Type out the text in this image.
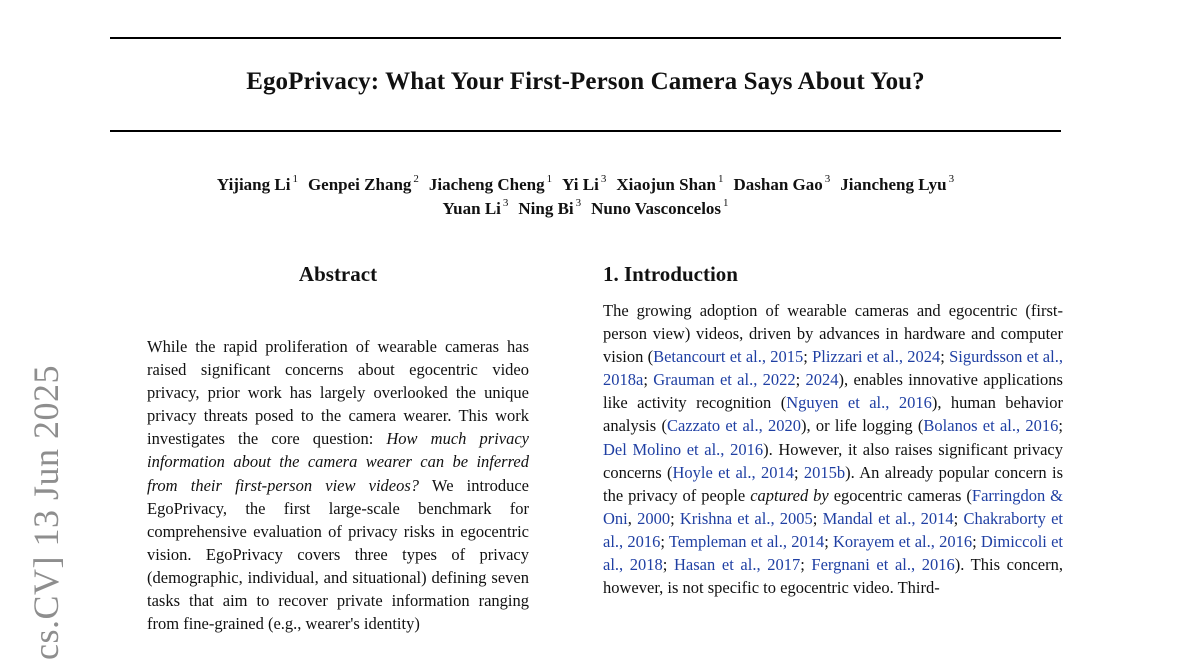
EgoPrivacy: What Your First-Person Camera Says About You?
Yijiang Li $^1$ Genpei Zhang $^2$ Jiacheng Cheng $^1$ Yi Li $^3$ Xiaojun Shan $^1$ Dashan Gao $^3$ Jiancheng Lyu $^3$
Yuan Li $^3$ Ning Bi $^3$ Nuno Vasconcelos $^1$
cs.CV] 13 Jun 2025
Abstract
While the rapid proliferation of wearable cameras has raised significant concerns about egocentric video privacy, prior work has largely overlooked the unique privacy threats posed to the camera wearer. This work investigates the core question: How much privacy information about the camera wearer can be inferred from their first-person view videos? We introduce EgoPrivacy, the first large-scale benchmark for comprehensive evaluation of privacy risks in egocentric vision. EgoPrivacy covers three types of privacy (demographic, individual, and situational) defining seven tasks that aim to recover private information ranging from fine-grained (e.g., wearer's identity)
1. Introduction
The growing adoption of wearable cameras and egocentric (first-person view) videos, driven by advances in hardware and computer vision (Betancourt et al., 2015; Plizzari et al., 2024; Sigurdsson et al., 2018a; Grauman et al., 2022; 2024), enables innovative applications like activity recognition (Nguyen et al., 2016), human behavior analysis (Cazzato et al., 2020), or life logging (Bolanos et al., 2016; Del Molino et al., 2016). However, it also raises significant privacy concerns (Hoyle et al., 2014; 2015b). An already popular concern is the privacy of people captured by egocentric cameras (Farringdon & Oni, 2000; Krishna et al., 2005; Mandal et al., 2014; Chakraborty et al., 2016; Templeman et al., 2014; Korayem et al., 2016; Dimiccoli et al., 2018; Hasan et al., 2017; Fergnani et al., 2016). This concern, however, is not specific to egocentric video. Third-
